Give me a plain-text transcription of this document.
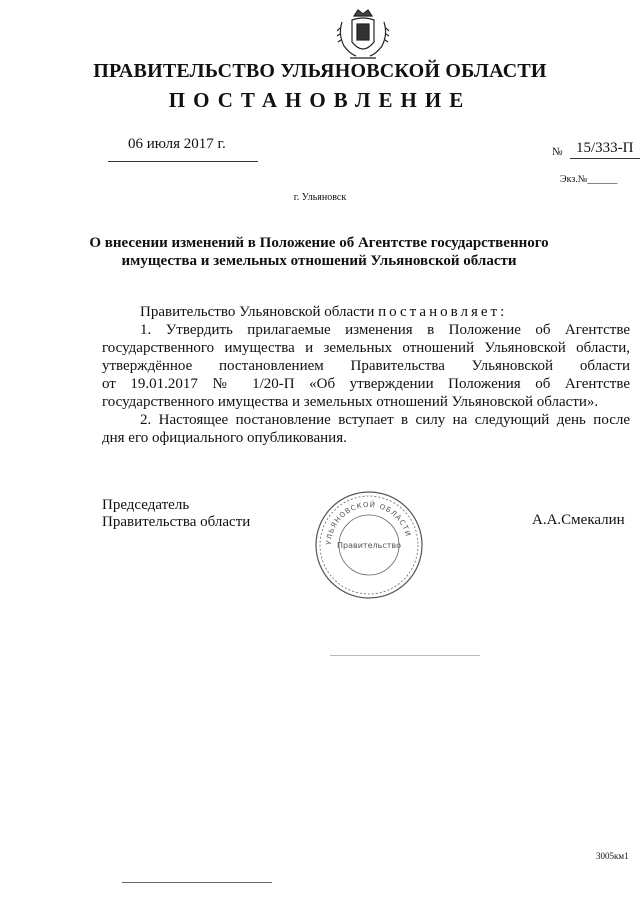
ПРАВИТЕЛЬСТВО УЛЬЯНОВСКОЙ ОБЛАСТИ
ПОСТАНОВЛЕНИЕ
06 июля 2017 г.	№ 15/333-П
Экз.№______
г. Ульяновск
О внесении изменений в Положение об Агентстве государственного
имущества и земельных отношений Ульяновской области

Правительство Ульяновской области постановляет:

1. Утвердить прилагаемые изменения в Положение об Агентстве

государственного имущества и земельных отношений Ульяновской области,

утверждённое постановлением Правительства Ульяновской области

от 19.01.2017 № 1/20-П «Об утверждении Положения об Агентстве

государственного имущества и земельных отношений Ульяновской области».

2. Настоящее постановление вступает в силу на следующий день после

дня его официального опубликования.

Председатель
Правительства области	А.А.Смекалин
УЛЬЯНОВСКОЙ ОБЛАСТИ
Правительство
3005км1
